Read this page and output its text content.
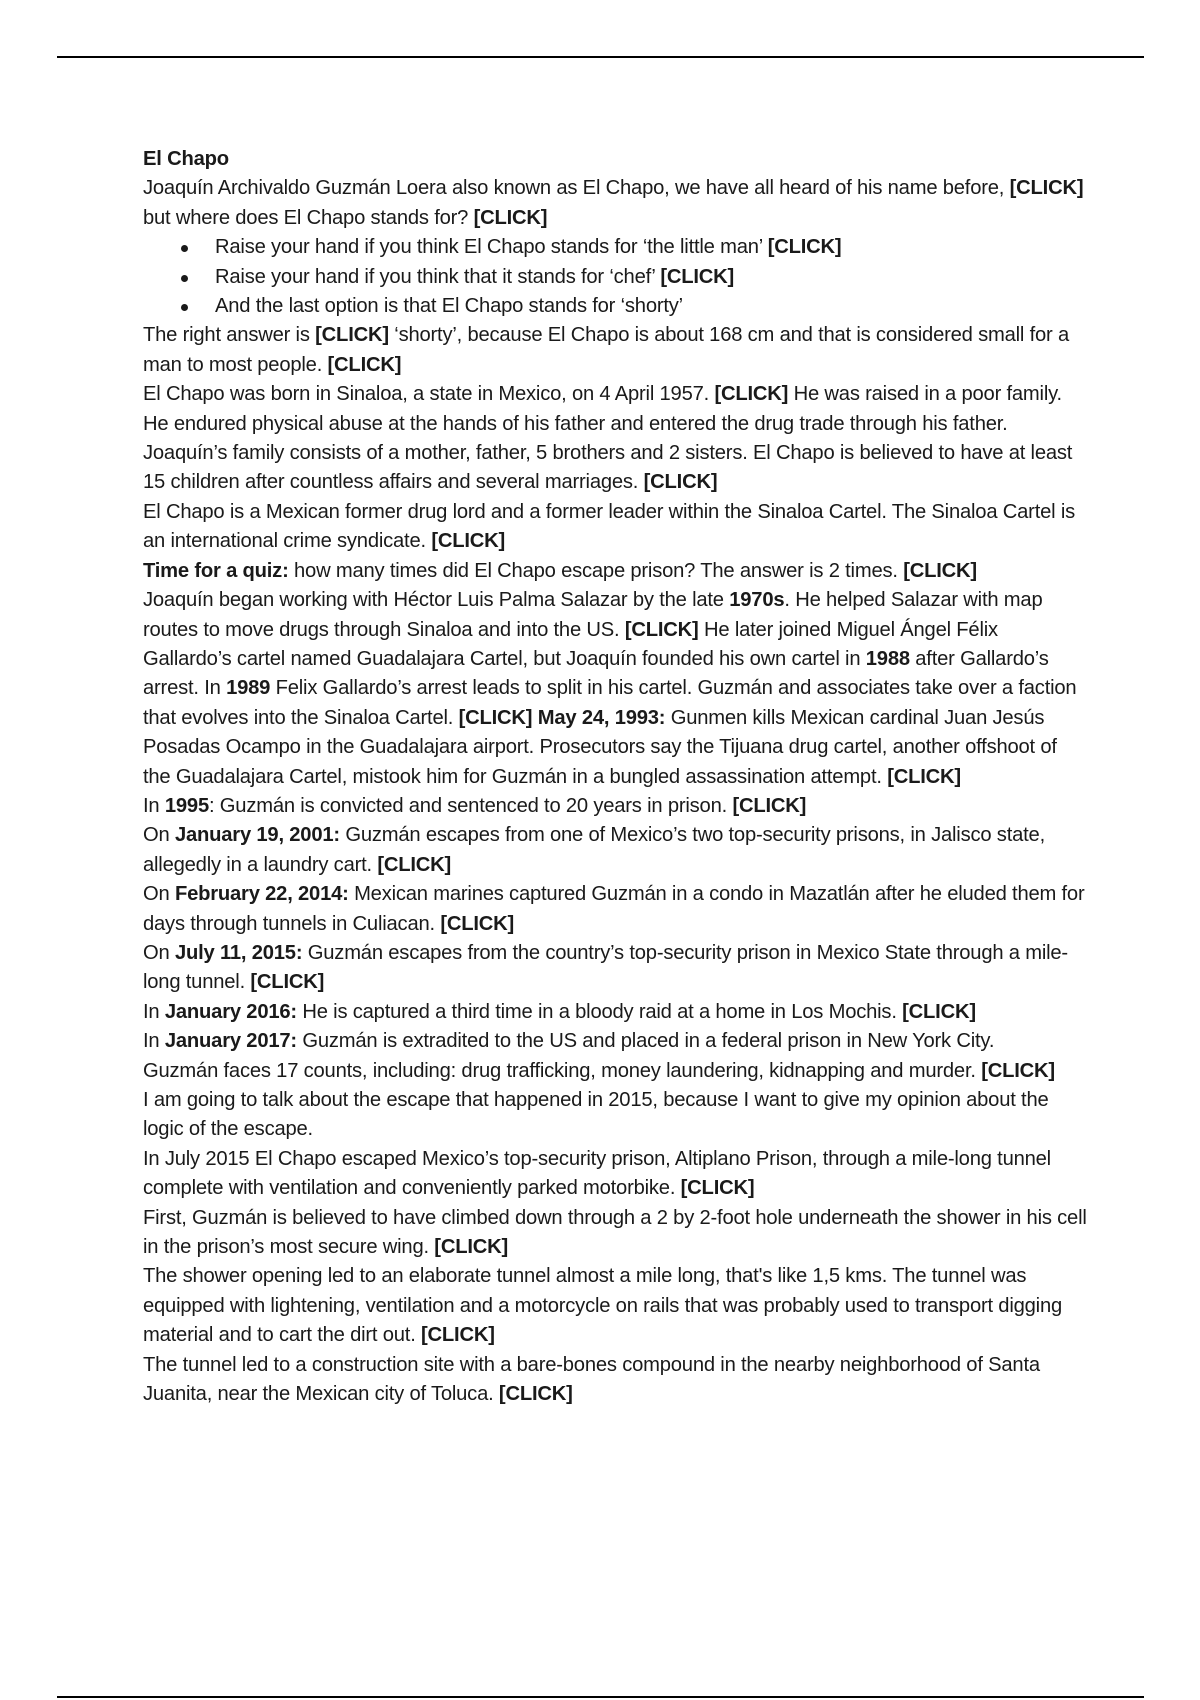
El Chapo

Joaquín Archivaldo Guzmán Loera also known as El Chapo, we have all heard of his name before, [CLICK] but where does El Chapo stands for? [CLICK]

Raise your hand if you think El Chapo stands for ‘the little man’ [CLICK]
Raise your hand if you think that it stands for ‘chef’ [CLICK]
And the last option is that El Chapo stands for ‘shorty’

The right answer is [CLICK] ‘shorty’, because El Chapo is about 168 cm and that is considered small for a man to most people. [CLICK]

El Chapo was born in Sinaloa, a state in Mexico, on 4 April 1957. [CLICK] He was raised in a poor family. He endured physical abuse at the hands of his father and entered the drug trade through his father. Joaquín’s family consists of a mother, father, 5 brothers and 2 sisters. El Chapo is believed to have at least 15 children after countless affairs and several marriages. [CLICK]

El Chapo is a Mexican former drug lord and a former leader within the Sinaloa Cartel. The Sinaloa Cartel is an international crime syndicate. [CLICK]

Time for a quiz: how many times did El Chapo escape prison? The answer is 2 times. [CLICK]

Joaquín began working with Héctor Luis Palma Salazar by the late 1970s. He helped Salazar with map routes to move drugs through Sinaloa and into the US. [CLICK] He later joined Miguel Ángel Félix Gallardo’s cartel named Guadalajara Cartel, but Joaquín founded his own cartel in 1988 after Gallardo’s arrest. In 1989 Felix Gallardo’s arrest leads to split in his cartel. Guzmán and associates take over a faction that evolves into the Sinaloa Cartel. [CLICK] May 24, 1993: Gunmen kills Mexican cardinal Juan Jesús Posadas Ocampo in the Guadalajara airport. Prosecutors say the Tijuana drug cartel, another offshoot of the Guadalajara Cartel, mistook him for Guzmán in a bungled assassination attempt. [CLICK]

In 1995: Guzmán is convicted and sentenced to 20 years in prison. [CLICK]

On January 19, 2001: Guzmán escapes from one of Mexico’s two top-security prisons, in Jalisco state, allegedly in a laundry cart. [CLICK]

On February 22, 2014: Mexican marines captured Guzmán in a condo in Mazatlán after he eluded them for days through tunnels in Culiacan. [CLICK]

On July 11, 2015: Guzmán escapes from the country’s top-security prison in Mexico State through a mile-long tunnel. [CLICK]

In January 2016: He is captured a third time in a bloody raid at a home in Los Mochis. [CLICK]

In January 2017: Guzmán is extradited to the US and placed in a federal prison in New York City.

Guzmán faces 17 counts, including: drug trafficking, money laundering, kidnapping and murder. [CLICK]

I am going to talk about the escape that happened in 2015, because I want to give my opinion about the logic of the escape.

In July 2015 El Chapo escaped Mexico’s top-security prison, Altiplano Prison, through a mile-long tunnel complete with ventilation and conveniently parked motorbike. [CLICK]

First, Guzmán is believed to have climbed down through a 2 by 2-foot hole underneath the shower in his cell in the prison’s most secure wing. [CLICK]

The shower opening led to an elaborate tunnel almost a mile long, that's like 1,5 kms. The tunnel was equipped with lightening, ventilation and a motorcycle on rails that was probably used to transport digging material and to cart the dirt out. [CLICK]

The tunnel led to a construction site with a bare-bones compound in the nearby neighborhood of Santa Juanita, near the Mexican city of Toluca. [CLICK]
